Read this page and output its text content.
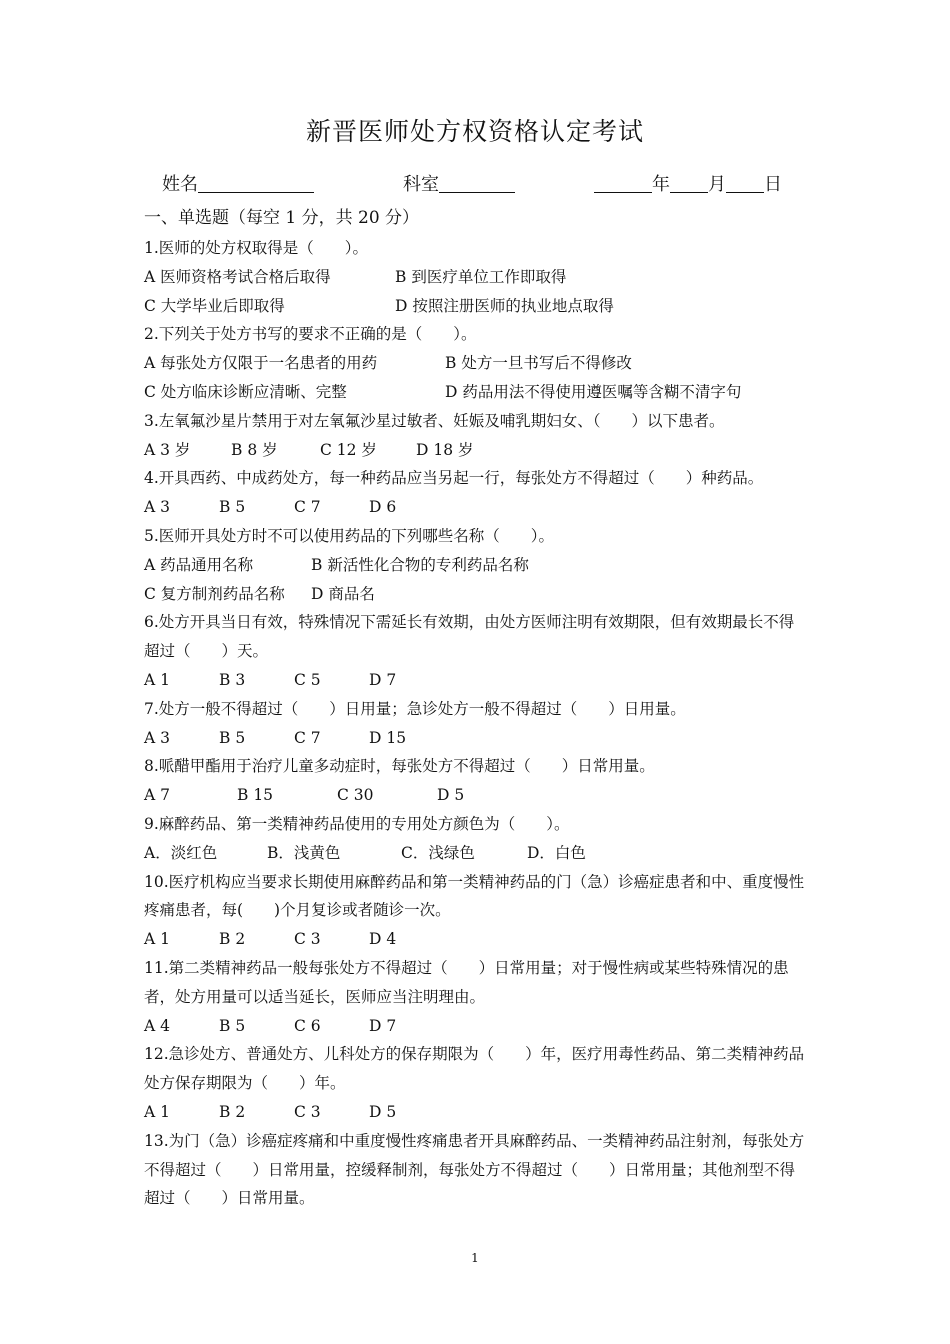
新晋医师处方权资格认定考试
姓名	科室	年 月 日
一、单选题（每空 1 分，共 20 分）
1.医师的处方权取得是（　　）。
A 医师资格考试合格后取得	B 到医疗单位工作即取得
C 大学毕业后即取得	D 按照注册医师的执业地点取得
2.下列关于处方书写的要求不正确的是（　　）。
A 每张处方仅限于一名患者的用药	B 处方一旦书写后不得修改
C 处方临床诊断应清晰、完整	D 药品用法不得使用遵医嘱等含糊不清字句
3.左氧氟沙星片禁用于对左氧氟沙星过敏者、妊娠及哺乳期妇女、（　　）以下患者。
A 3 岁	B 8 岁	C 12 岁	D 18 岁
4.开具西药、中成药处方，每一种药品应当另起一行，每张处方不得超过（　　）种药品。
A 3	B 5	C 7	D 6
5.医师开具处方时不可以使用药品的下列哪些名称（　　）。
A 药品通用名称	B 新活性化合物的专利药品名称
C 复方制剂药品名称 D 商品名
6.处方开具当日有效，特殊情况下需延长有效期，由处方医师注明有效期限，但有效期最长不得超过（　　）天。
A 1	B 3	C 5	D 7
7.处方一般不得超过（　　）日用量；急诊处方一般不得超过（　　）日用量。
A 3	B 5	C 7	D 15
8.哌醋甲酯用于治疗儿童多动症时，每张处方不得超过（　　）日常用量。
A 7	B 15	C 30	D 5
9.麻醉药品、第一类精神药品使用的专用处方颜色为（　　）。
A．淡红色	B．浅黄色	C．浅绿色	D．白色
10.医疗机构应当要求长期使用麻醉药品和第一类精神药品的门（急）诊癌症患者和中、重度慢性疼痛患者，每(　　)个月复诊或者随诊一次。
A 1	B 2	C 3	D 4
11.第二类精神药品一般每张处方不得超过（　　）日常用量；对于慢性病或某些特殊情况的患者，处方用量可以适当延长，医师应当注明理由。
A 4	B 5	C 6	D 7
12.急诊处方、普通处方、儿科处方的保存期限为（　　）年，医疗用毒性药品、第二类精神药品处方保存期限为（　　）年。
A 1	B 2	C 3	D 5
13.为门（急）诊癌症疼痛和中重度慢性疼痛患者开具麻醉药品、一类精神药品注射剂，每张处方不得超过（　　）日常用量，控缓释制剂，每张处方不得超过（　　）日常用量；其他剂型不得超过（　　）日常用量。
1
